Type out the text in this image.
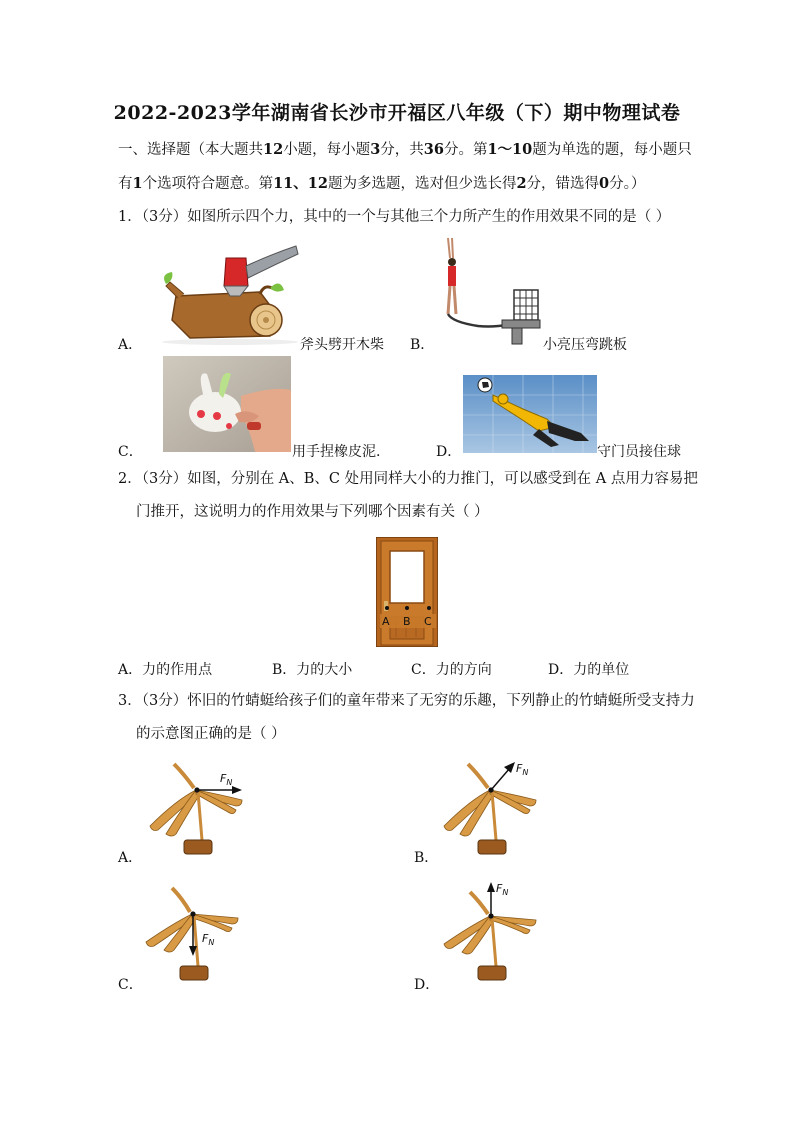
2022-2023学年湖南省长沙市开福区八年级（下）期中物理试卷
一、选择题（本大题共12小题，每小题3分，共36分。第1～10题为单选的题，每小题只
有1个选项符合题意。第11、12题为多选题，选对但少选长得2分，错选得0分。）
1．（3分）如图所示四个力，其中的一个与其他三个力所产生的作用效果不同的是（ ）
A．	斧头劈开木柴 B．	小亮压弯跳板
C．	用手捏橡皮泥.	D．	守门员接住球
2．（3分）如图，分别在 A、B、C 处用同样大小的力推门，可以感受到在 A 点用力容易把
门推开，这说明力的作用效果与下列哪个因素有关（ ）
A B C
A．力的作用点	B．力的大小	C．力的方向	D．力的单位
3．（3分）怀旧的竹蜻蜓给孩子们的童年带来了无穷的乐趣，下列静止的竹蜻蜓所受支持力
的示意图正确的是（ ）
$F_N$
A．
$F_N$
B．
$F_N$
C．
$F_N$
D．
